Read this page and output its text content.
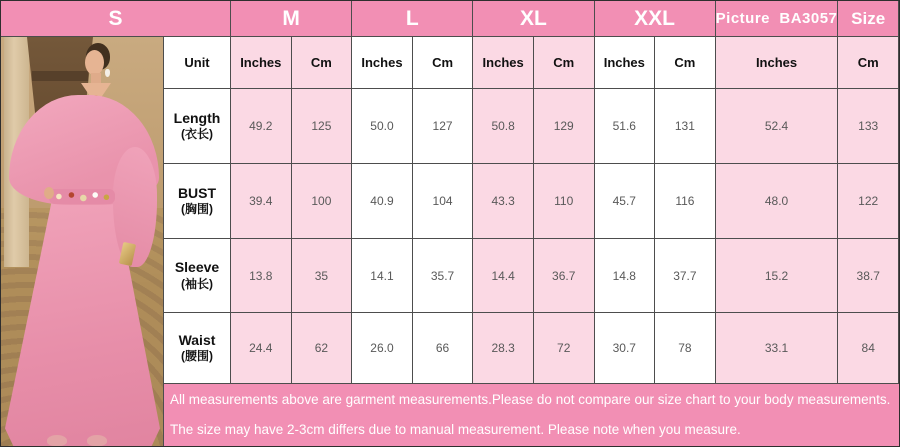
Picture  BA3057 Size
S	M	L	XL	XXL
Unit	Inches	Cm	Inches	Cm	Inches	Cm	Inches	Cm	Inches	Cm
Length
(衣长)
49.2	125	50.0	127	50.8	129	51.6	131	52.4	133
BUST
(胸围)
39.4	100	40.9	104	43.3	110	45.7	116	48.0	122
Sleeve
(袖长)
13.8	35	14.1	35.7	14.4	36.7	14.8	37.7	15.2	38.7
Waist
(腰围)
24.4	62	26.0	66	28.3	72	30.7	78	33.1	84
All measurements above are garment measurements.Please do not compare our size chart to your body measurements.
The size may have 2-3cm differs due to manual measurement. Please note when you measure.
